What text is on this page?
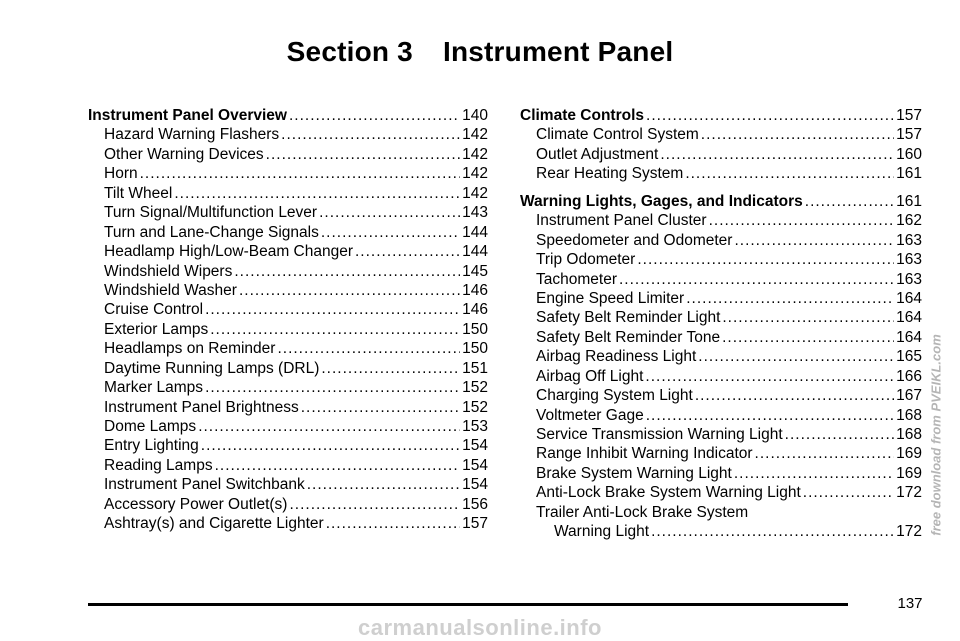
Section 3 Instrument Panel
Instrument Panel Overview .....	140
Hazard Warning Flashers .....	142
Other Warning Devices .....	142
Horn .....	142
Tilt Wheel .....	142
Turn Signal/Multifunction Lever .....	143
Turn and Lane-Change Signals .....	144
Headlamp High/Low-Beam Changer .....	144
Windshield Wipers .....	145
Windshield Washer .....	146
Cruise Control .....	146
Exterior Lamps .....	150
Headlamps on Reminder .....	150
Daytime Running Lamps (DRL) .....	151
Marker Lamps .....	152
Instrument Panel Brightness .....	152
Dome Lamps .....	153
Entry Lighting .....	154
Reading Lamps .....	154
Instrument Panel Switchbank .....	154
Accessory Power Outlet(s) .....	156
Ashtray(s) and Cigarette Lighter .....	157
Climate Controls .....	157
Climate Control System .....	157
Outlet Adjustment .....	160
Rear Heating System .....	161
Warning Lights, Gages, and Indicators .....	161
Instrument Panel Cluster .....	162
Speedometer and Odometer .....	163
Trip Odometer .....	163
Tachometer .....	163
Engine Speed Limiter .....	164
Safety Belt Reminder Light .....	164
Safety Belt Reminder Tone .....	164
Airbag Readiness Light .....	165
Airbag Off Light .....	166
Charging System Light .....	167
Voltmeter Gage .....	168
Service Transmission Warning Light .....	168
Range Inhibit Warning Indicator .....	169
Brake System Warning Light .....	169
Anti-Lock Brake System Warning Light .....	172
Trailer Anti-Lock Brake System
Warning Light .....	172
137
free download from PVEIKL.com
carmanualsonline.info
